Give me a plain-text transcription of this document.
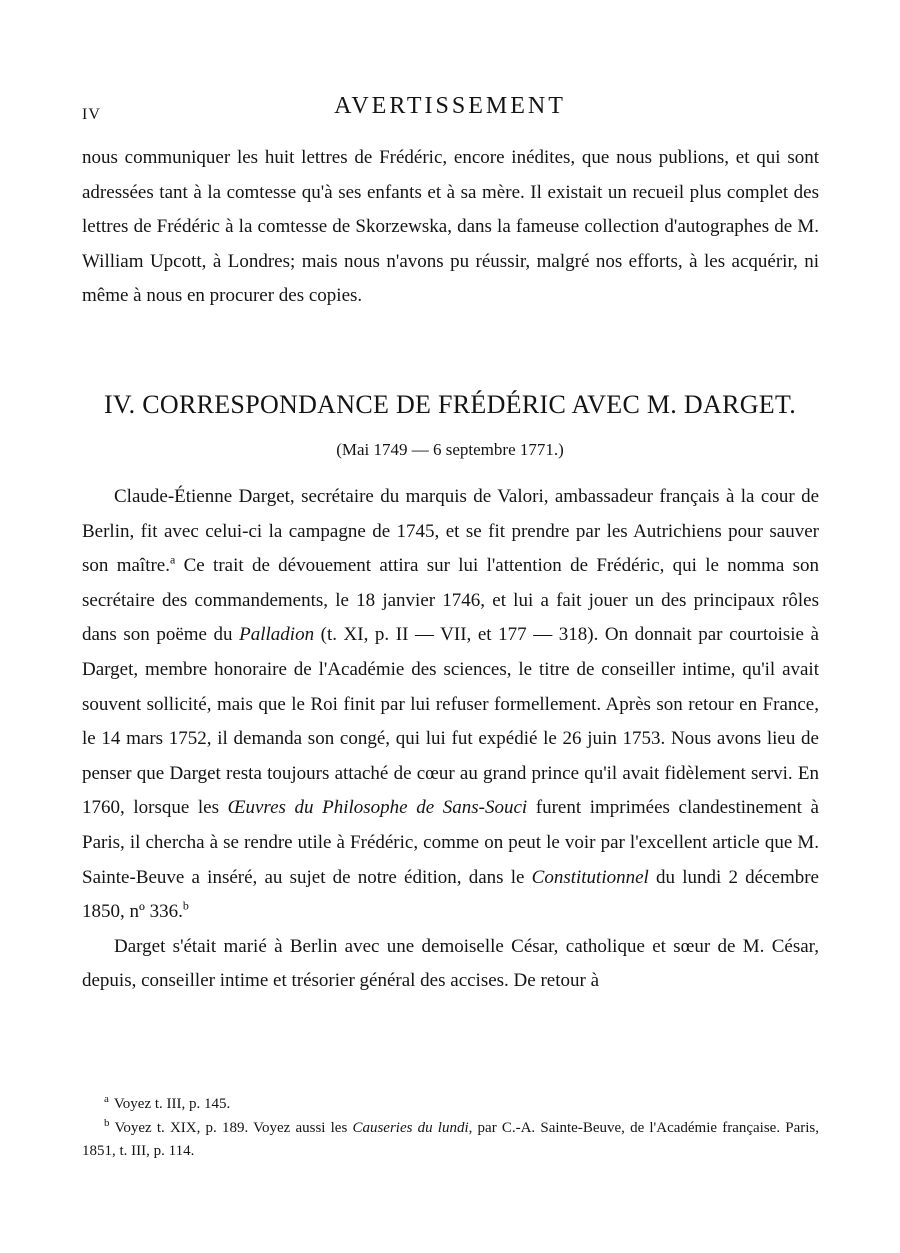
IV	AVERTISSEMENT

nous communiquer les huit lettres de Frédéric, encore inédites, que nous publions, et qui sont adressées tant à la comtesse qu'à ses enfants et à sa mère. Il existait un recueil plus complet des lettres de Frédéric à la comtesse de Skorzewska, dans la fameuse collection d'autographes de M. William Upcott, à Londres; mais nous n'avons pu réussir, malgré nos efforts, à les acquérir, ni même à nous en procurer des copies.

IV. CORRESPONDANCE DE FRÉDÉRIC AVEC M. DARGET.
(Mai 1749 — 6 septembre 1771.)

Claude-Étienne Darget, secrétaire du marquis de Valori, ambassadeur français à la cour de Berlin, fit avec celui-ci la campagne de 1745, et se fit prendre par les Autrichiens pour sauver son maître.$^a$ Ce trait de dévouement attira sur lui l'attention de Frédéric, qui le nomma son secrétaire des commandements, le 18 janvier 1746, et lui a fait jouer un des principaux rôles dans son poëme du Palladion (t. XI, p. II — VII, et 177 — 318). On donnait par courtoisie à Darget, membre honoraire de l'Académie des sciences, le titre de conseiller intime, qu'il avait souvent sollicité, mais que le Roi finit par lui refuser formellement. Après son retour en France, le 14 mars 1752, il demanda son congé, qui lui fut expédié le 26 juin 1753. Nous avons lieu de penser que Darget resta toujours attaché de cœur au grand prince qu'il avait fidèlement servi. En 1760, lorsque les Œuvres du Philosophe de Sans-Souci furent imprimées clandestinement à Paris, il chercha à se rendre utile à Frédéric, comme on peut le voir par l'excellent article que M. Sainte-Beuve a inséré, au sujet de notre édition, dans le Constitutionnel du lundi 2 décembre 1850, nº 336.$^b$

Darget s'était marié à Berlin avec une demoiselle César, catholique et sœur de M. César, depuis, conseiller intime et trésorier général des accises. De retour à

$^a$ Voyez t. III, p. 145.

$^b$ Voyez t. XIX, p. 189. Voyez aussi les Causeries du lundi, par C.-A. Sainte-Beuve, de l'Académie française. Paris, 1851, t. III, p. 114.
